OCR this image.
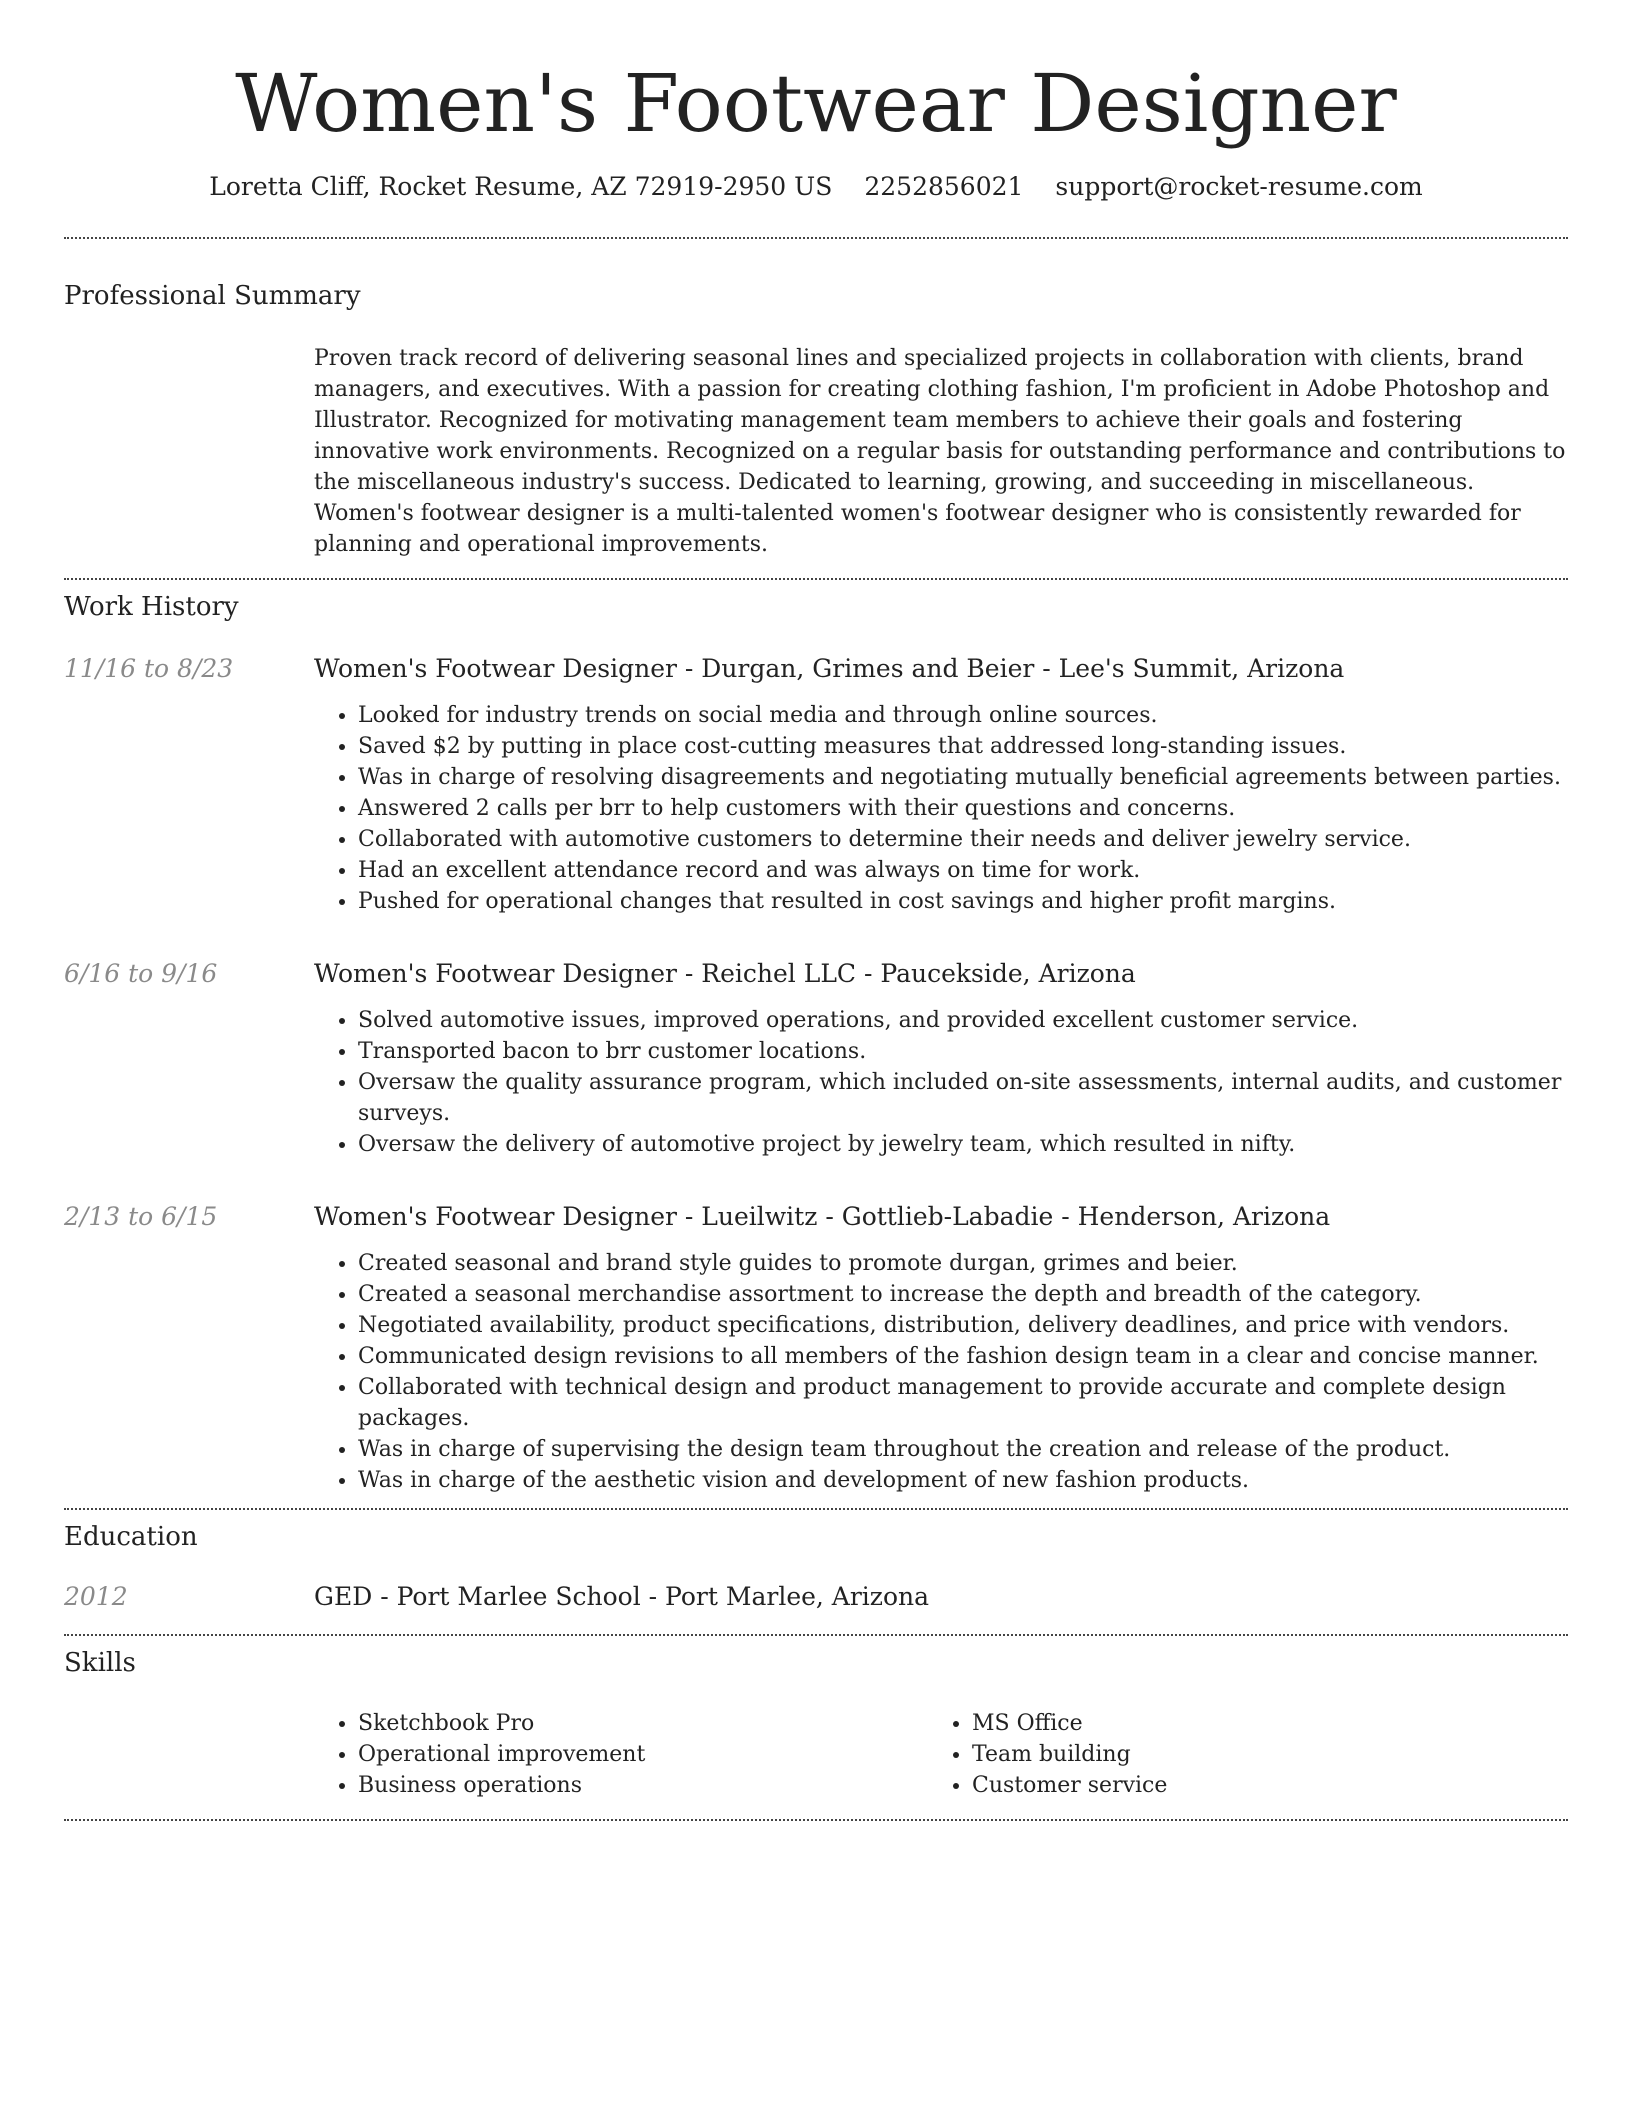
Women's Footwear Designer
Loretta Cliff, Rocket Resume, AZ 72919-2950 US 2252856021 support@rocket-resume.com
Professional Summary
Proven track record of delivering seasonal lines and specialized projects in collaboration with clients, brand managers, and executives. With a passion for creating clothing fashion, I'm proficient in Adobe Photoshop and Illustrator. Recognized for motivating management team members to achieve their goals and fostering innovative work environments. Recognized on a regular basis for outstanding performance and contributions to the miscellaneous industry's success. Dedicated to learning, growing, and succeeding in miscellaneous. Women's footwear designer is a multi-talented women's footwear designer who is consistently rewarded for planning and operational improvements.
Work History
11/16 to 8/23	Women's Footwear Designer - Durgan, Grimes and Beier - Lee's Summit, Arizona
• Looked for industry trends on social media and through online sources.
• Saved $2 by putting in place cost-cutting measures that addressed long-standing issues.
• Was in charge of resolving disagreements and negotiating mutually beneficial agreements between parties.
• Answered 2 calls per brr to help customers with their questions and concerns.
• Collaborated with automotive customers to determine their needs and deliver jewelry service.
• Had an excellent attendance record and was always on time for work.
• Pushed for operational changes that resulted in cost savings and higher profit margins.
6/16 to 9/16	Women's Footwear Designer - Reichel LLC - Paucekside, Arizona
• Solved automotive issues, improved operations, and provided excellent customer service.
• Transported bacon to brr customer locations.
• Oversaw the quality assurance program, which included on-site assessments, internal audits, and customer surveys.
• Oversaw the delivery of automotive project by jewelry team, which resulted in nifty.
2/13 to 6/15	Women's Footwear Designer - Lueilwitz - Gottlieb-Labadie - Henderson, Arizona
• Created seasonal and brand style guides to promote durgan, grimes and beier.
• Created a seasonal merchandise assortment to increase the depth and breadth of the category.
• Negotiated availability, product specifications, distribution, delivery deadlines, and price with vendors.
• Communicated design revisions to all members of the fashion design team in a clear and concise manner.
• Collaborated with technical design and product management to provide accurate and complete design packages.
• Was in charge of supervising the design team throughout the creation and release of the product.
• Was in charge of the aesthetic vision and development of new fashion products.
Education
2012	GED - Port Marlee School - Port Marlee, Arizona
Skills
• Sketchbook Pro
• Operational improvement
• Business operations
• MS Office
• Team building
• Customer service
